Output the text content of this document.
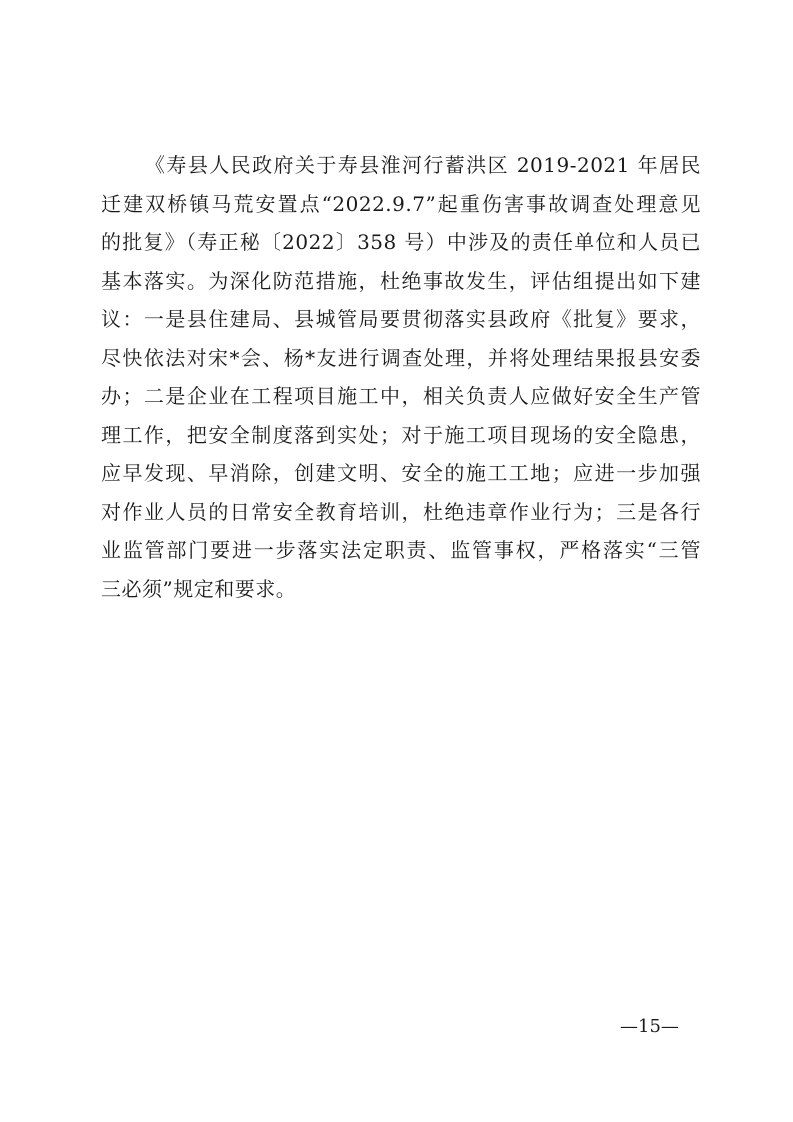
《寿县人民政府关于寿县淮河行蓄洪区 2019-2021 年居民
迁建双桥镇马荒安置点“2022.9.7”起重伤害事故调查处理意见
的批复》（寿正秘〔2022〕358 号）中涉及的责任单位和人员已
基本落实。为深化防范措施，杜绝事故发生，评估组提出如下建
议：一是县住建局、县城管局要贯彻落实县政府《批复》要求，
尽快依法对宋*会、杨*友进行调查处理，并将处理结果报县安委
办；二是企业在工程项目施工中，相关负责人应做好安全生产管
理工作，把安全制度落到实处；对于施工项目现场的安全隐患，
应早发现、早消除，创建文明、安全的施工工地；应进一步加强
对作业人员的日常安全教育培训，杜绝违章作业行为；三是各行
业监管部门要进一步落实法定职责、监管事权，严格落实“三管
三必须”规定和要求。
—15—
